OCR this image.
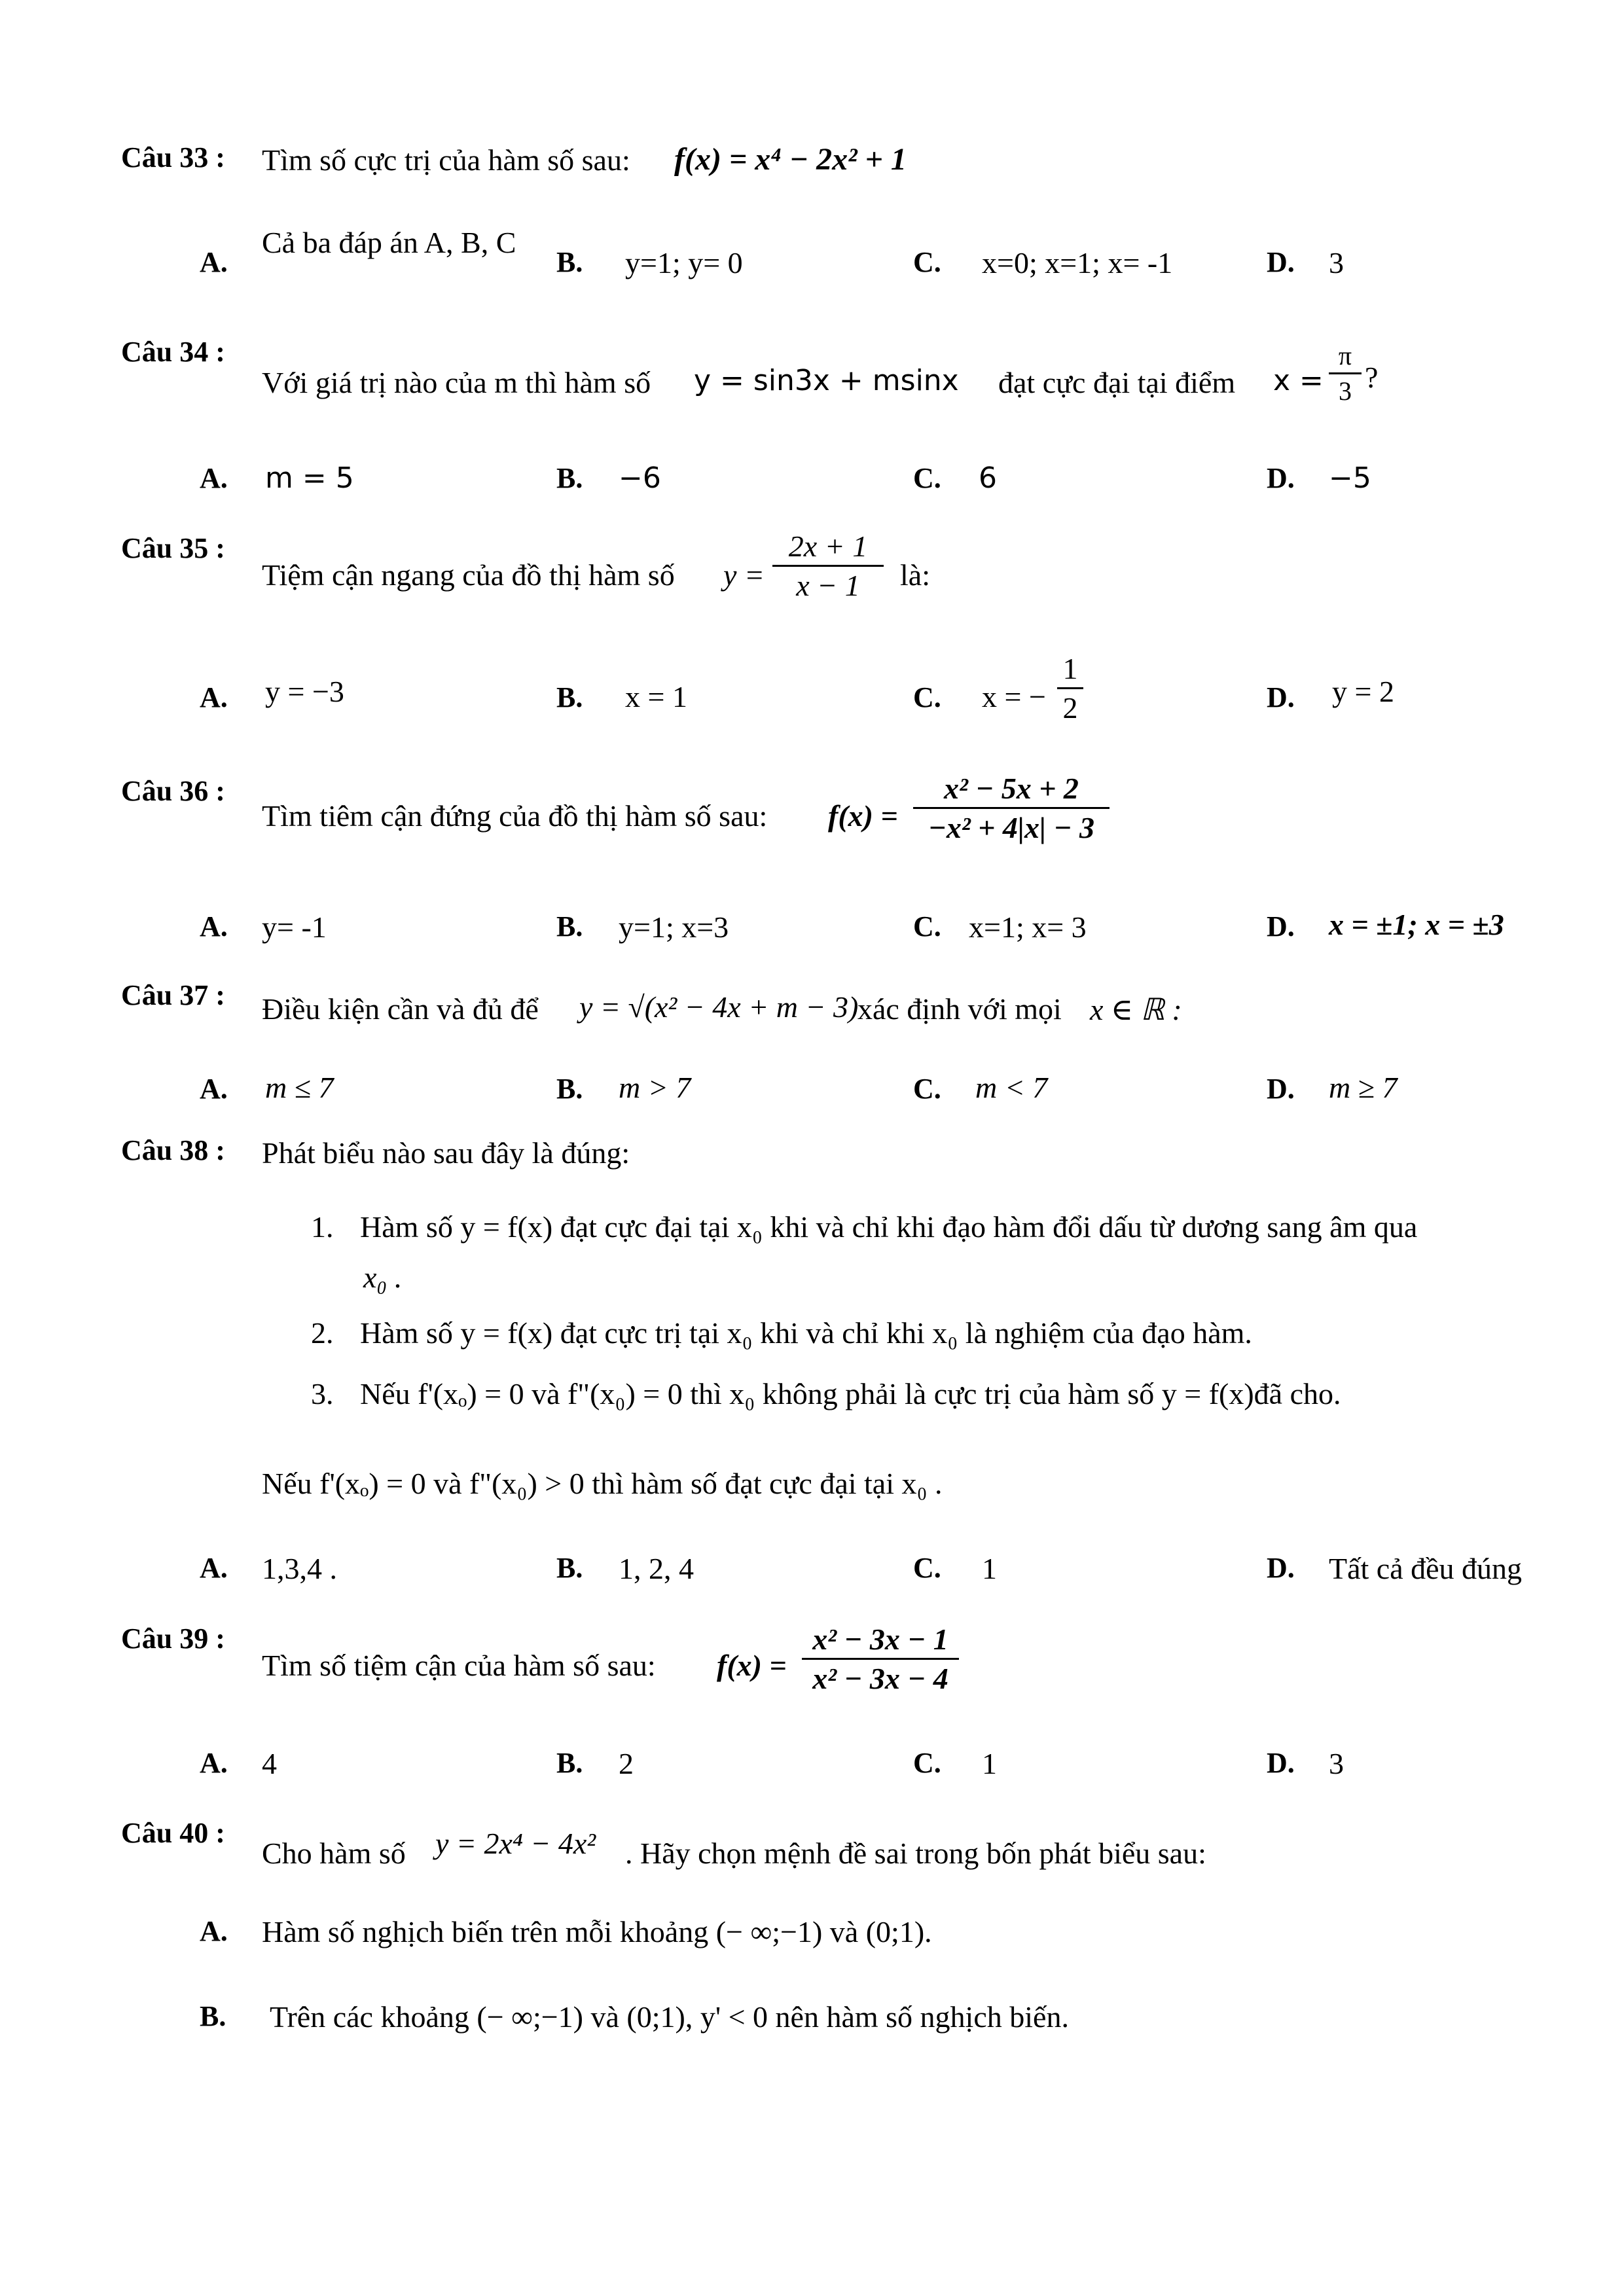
Câu 33 : Tìm số cực trị của hàm số sau: f(x) = x⁴ − 2x² + 1
A.
Cả ba đáp án A, B, C
B. y=1; y= 0	C. x=0; x=1; x= -1	D. 3
Câu 34 :
Với giá trị nào của m thì hàm số y = sin3x + msinx đạt cực đại tại điểm x =
π
3 ?
A. m = 5	B. −6	C. 6	D. −5
Câu 35 :
Tiệm cận ngang của đồ thị hàm số y =
2x + 1
x − 1	là:
A. y = −3	B. x = 1	C. x = −
1
2	D. y = 2
Câu 36 :
Tìm tiêm cận đứng của đồ thị hàm số sau: f(x) =
x² − 5x + 2
−x² + 4|x| − 3
A. y= -1	B. y=1; x=3	C. x=1; x= 3	D. x = ±1; x = ±3
Câu 37 : Điều kiện cần và đủ để y = √(x² − 4x + m − 3)
xác định với mọi x ∈ ℝ :
A. m ≤ 7	B. m > 7	C. m < 7	D. m ≥ 7
Câu 38 : Phát biểu nào sau đây là đúng:
1. Hàm số y = f(x) đạt cực đại tại x₀ khi và chỉ khi đạo hàm đổi dấu từ dương sang âm qua
x₀ .
2. Hàm số y = f(x) đạt cực trị tại x₀ khi và chỉ khi x₀ là nghiệm của đạo hàm.
3. Nếu f'(xₒ) = 0 và f"(x₀) = 0 thì x₀ không phải là cực trị của hàm số y = f(x)đã cho.
Nếu f'(xₒ) = 0 và f"(x₀) > 0 thì hàm số đạt cực đại tại x₀ .
A. 1,3,4 .	B. 1, 2, 4	C. 1	D. Tất cả đều đúng
Câu 39 :
Tìm số tiệm cận của hàm số sau: f(x) =
x² − 3x − 1
x² − 3x − 4
A. 4	B. 2	C. 1	D. 3
Câu 40 :
Cho hàm số y = 2x⁴ − 4x² . Hãy chọn mệnh đề sai trong bốn phát biểu sau:
A. Hàm số nghịch biến trên mỗi khoảng (− ∞;−1) và (0;1).
B. Trên các khoảng (− ∞;−1) và (0;1), y' < 0 nên hàm số nghịch biến.
